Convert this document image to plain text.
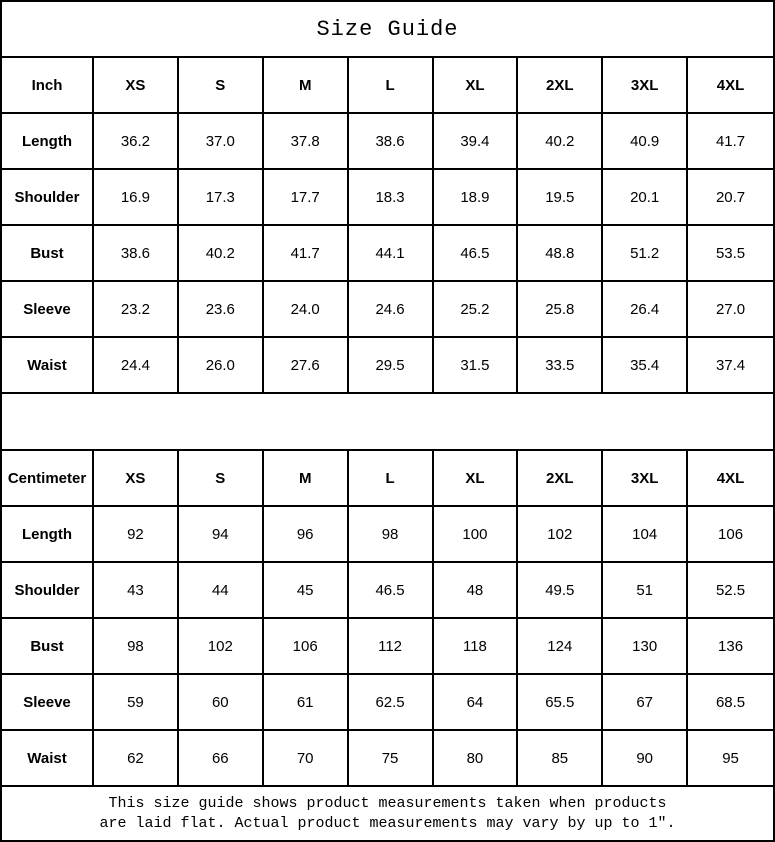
Size Guide
Inch	XS	S	M	L	XL	2XL	3XL	4XL
Length	36.2	37.0	37.8	38.6	39.4	40.2	40.9	41.7
Shoulder	16.9	17.3	17.7	18.3	18.9	19.5	20.1	20.7
Bust	38.6	40.2	41.7	44.1	46.5	48.8	51.2	53.5
Sleeve	23.2	23.6	24.0	24.6	25.2	25.8	26.4	27.0
Waist	24.4	26.0	27.6	29.5	31.5	33.5	35.4	37.4
Centimeter	XS	S	M	L	XL	2XL	3XL	4XL
Length	92	94	96	98	100	102	104	106
Shoulder	43	44	45	46.5	48	49.5	51	52.5
Bust	98	102	106	112	118	124	130	136
Sleeve	59	60	61	62.5	64	65.5	67	68.5
Waist	62	66	70	75	80	85	90	95
This size guide shows product measurements taken when products
are laid flat. Actual product measurements may vary by up to 1″.
